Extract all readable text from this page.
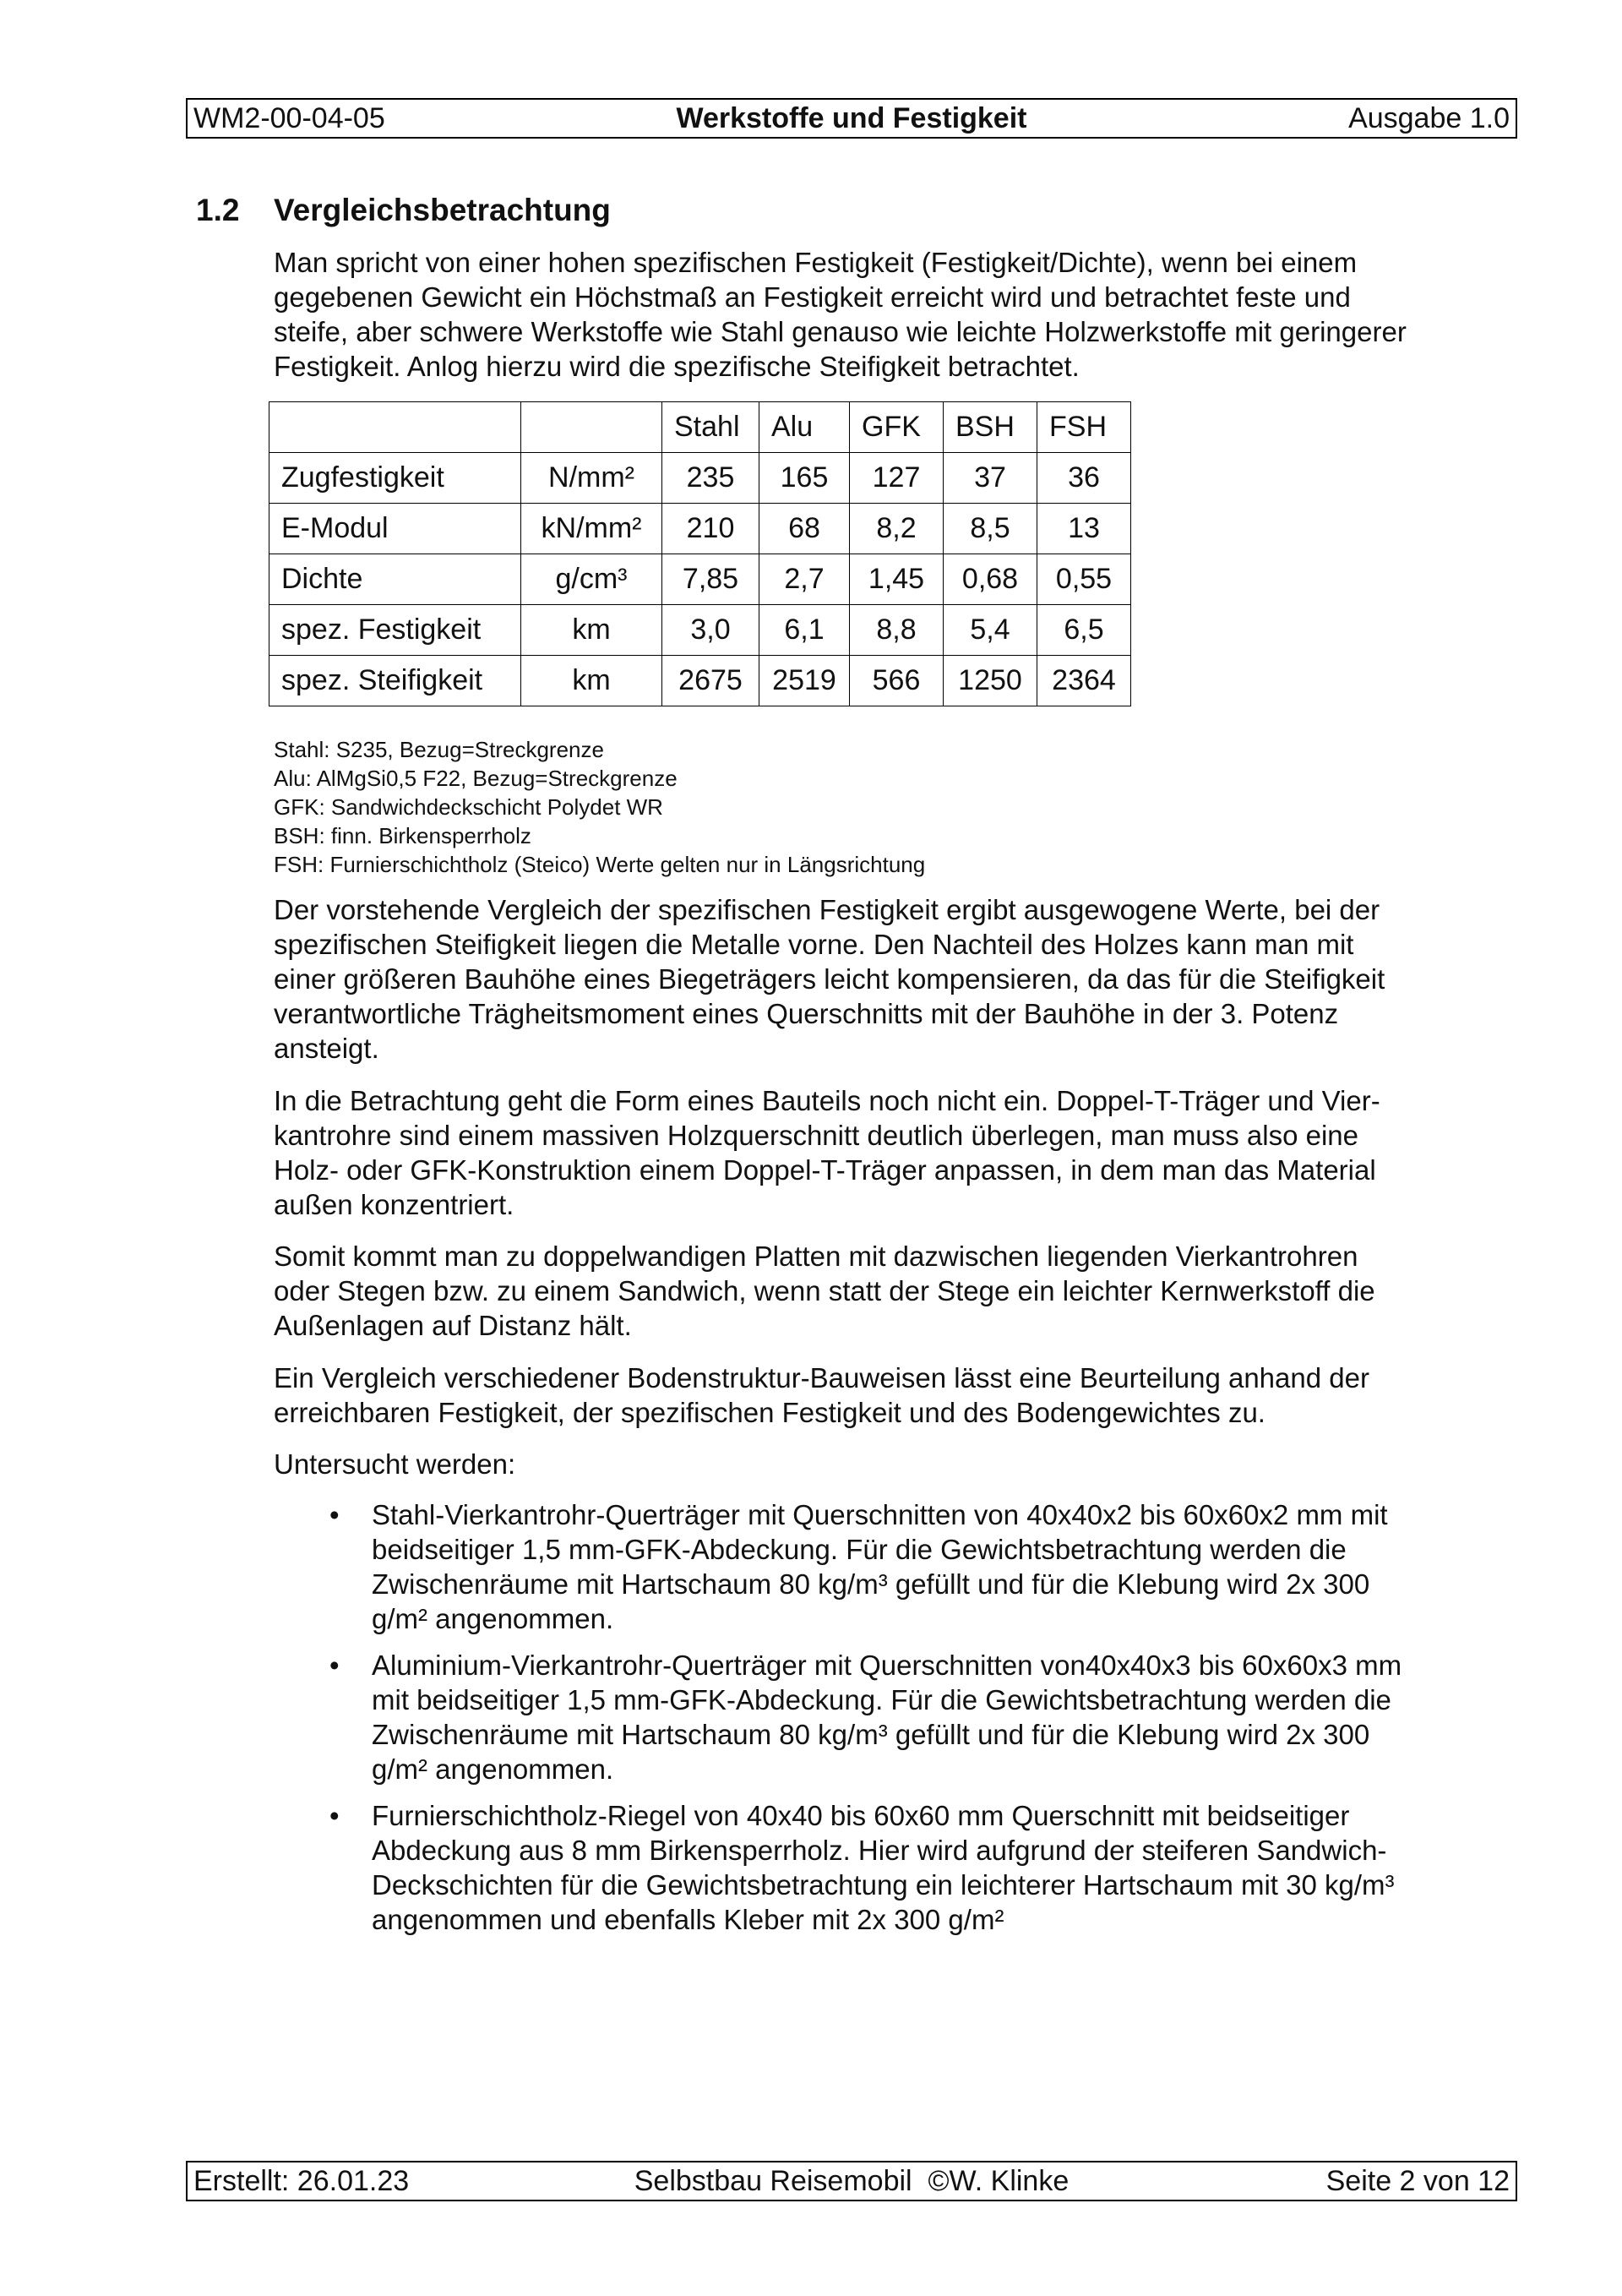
WM2-00-04-05	Werkstoffe und Festigkeit	Ausgabe 1.0
1.2	Vergleichsbetrachtung
Man spricht von einer hohen spezifischen Festigkeit (Festigkeit/Dichte), wenn bei einem
gegebenen Gewicht ein Höchstmaß an Festigkeit erreicht wird und betrachtet feste und
steife, aber schwere Werkstoffe wie Stahl genauso wie leichte Holzwerkstoffe mit geringerer
Festigkeit. Anlog hierzu wird die spezifische Steifigkeit betrachtet.
		Stahl	Alu	GFK	BSH	FSH
Zugfestigkeit	N/mm²	235	165	127	37	36
E-Modul	kN/mm²	210	68	8,2	8,5	13
Dichte	g/cm³	7,85	2,7	1,45	0,68	0,55
spez. Festigkeit	km	3,0	6,1	8,8	5,4	6,5
spez. Steifigkeit	km	2675	2519	566	1250	2364
Stahl: S235, Bezug=Streckgrenze
Alu: AlMgSi0,5 F22, Bezug=Streckgrenze
GFK: Sandwichdeckschicht Polydet WR
BSH: finn. Birkensperrholz
FSH: Furnierschichtholz (Steico) Werte gelten nur in Längsrichtung
Der vorstehende Vergleich der spezifischen Festigkeit ergibt ausgewogene Werte, bei der
spezifischen Steifigkeit liegen die Metalle vorne. Den Nachteil des Holzes kann man mit
einer größeren Bauhöhe eines Biegeträgers leicht kompensieren, da das für die Steifigkeit
verantwortliche Trägheitsmoment eines Querschnitts mit der Bauhöhe in der 3. Potenz
ansteigt.
In die Betrachtung geht die Form eines Bauteils noch nicht ein. Doppel-T-Träger und Vier-
kantrohre sind einem massiven Holzquerschnitt deutlich überlegen, man muss also eine
Holz- oder GFK-Konstruktion einem Doppel-T-Träger anpassen, in dem man das Material
außen konzentriert.
Somit kommt man zu doppelwandigen Platten mit dazwischen liegenden Vierkantrohren
oder Stegen bzw. zu einem Sandwich, wenn statt der Stege ein leichter Kernwerkstoff die
Außenlagen auf Distanz hält.
Ein Vergleich verschiedener Bodenstruktur-Bauweisen lässt eine Beurteilung anhand der
erreichbaren Festigkeit, der spezifischen Festigkeit und des Bodengewichtes zu.
Untersucht werden:
• Stahl-Vierkantrohr-Querträger mit Querschnitten von 40x40x2 bis 60x60x2 mm mit
beidseitiger 1,5 mm-GFK-Abdeckung. Für die Gewichtsbetrachtung werden die
Zwischenräume mit Hartschaum 80 kg/m³ gefüllt und für die Klebung wird 2x 300
g/m² angenommen.
• Aluminium-Vierkantrohr-Querträger mit Querschnitten von40x40x3 bis 60x60x3 mm
mit beidseitiger 1,5 mm-GFK-Abdeckung. Für die Gewichtsbetrachtung werden die
Zwischenräume mit Hartschaum 80 kg/m³ gefüllt und für die Klebung wird 2x 300
g/m² angenommen.
• Furnierschichtholz-Riegel von 40x40 bis 60x60 mm Querschnitt mit beidseitiger
Abdeckung aus 8 mm Birkensperrholz. Hier wird aufgrund der steiferen Sandwich-
Deckschichten für die Gewichtsbetrachtung ein leichterer Hartschaum mit 30 kg/m³
angenommen und ebenfalls Kleber mit 2x 300 g/m²
Erstellt: 26.01.23	Selbstbau Reisemobil  ©W. Klinke	Seite 2 von 12
